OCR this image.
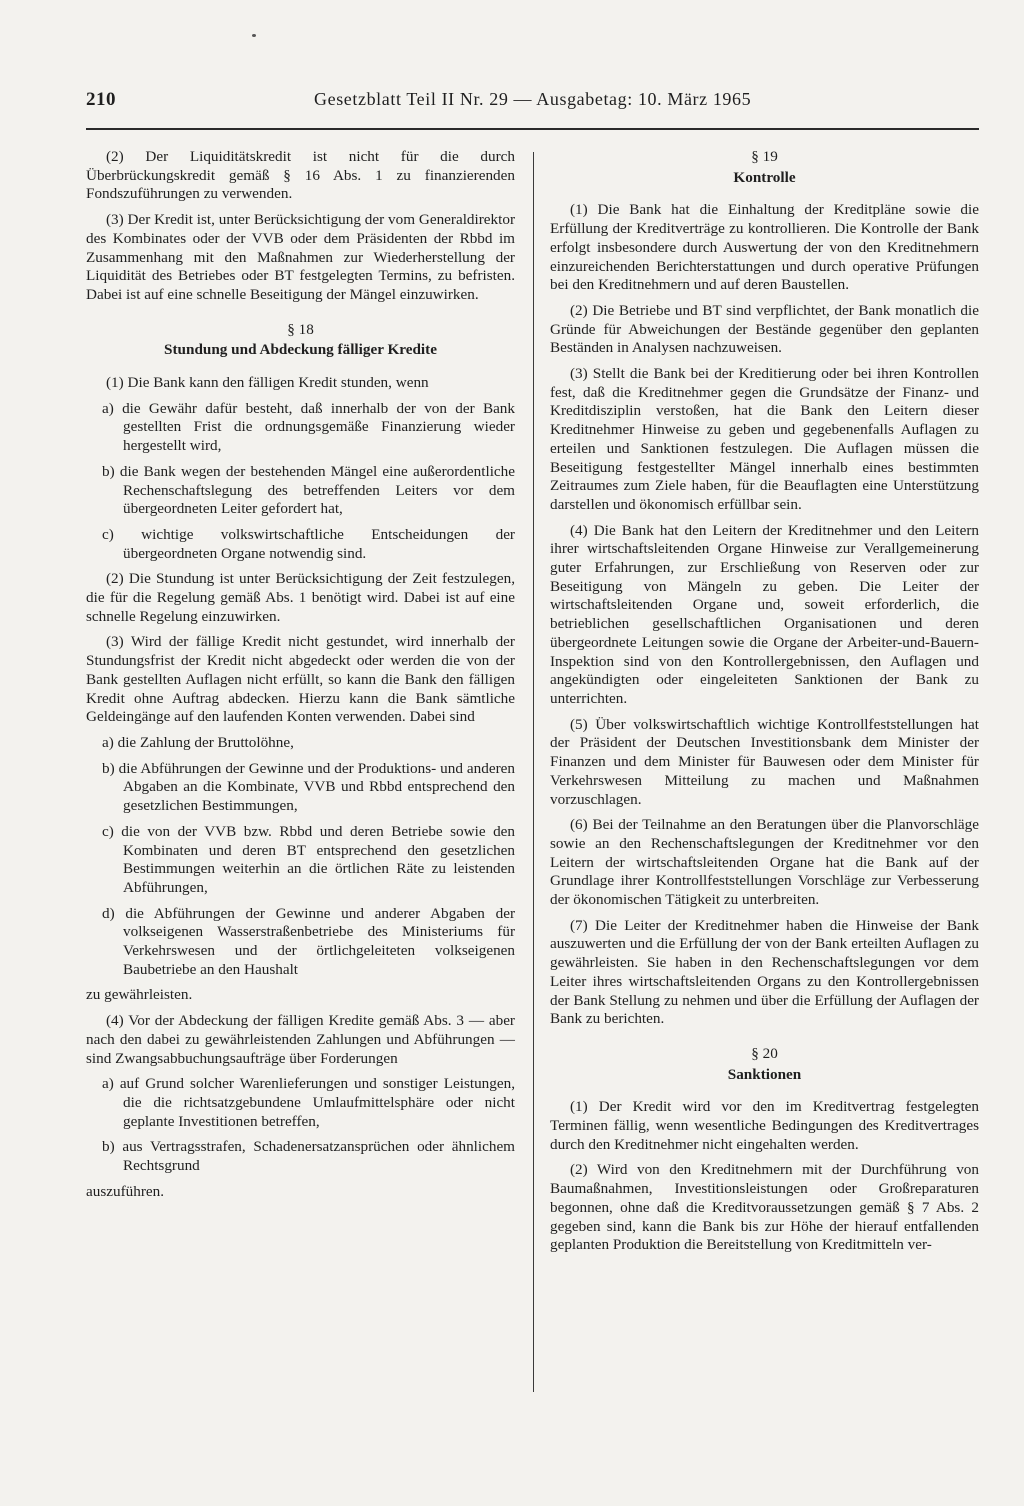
210	Gesetzblatt Teil II Nr. 29 — Ausgabetag: 10. März 1965

(2) Der Liquiditätskredit ist nicht für die durch Überbrückungskredit gemäß § 16 Abs. 1 zu finanzierenden Fondszuführungen zu verwenden.

(3) Der Kredit ist, unter Berücksichtigung der vom Generaldirektor des Kombinates oder der VVB oder dem Präsidenten der Rbbd im Zusammenhang mit den Maßnahmen zur Wiederherstellung der Liquidität des Betriebes oder BT festgelegten Termins, zu befristen. Dabei ist auf eine schnelle Beseitigung der Mängel einzuwirken.

§ 18

Stundung und Abdeckung fälliger Kredite

(1) Die Bank kann den fälligen Kredit stunden, wenn

a) die Gewähr dafür besteht, daß innerhalb der von der Bank gestellten Frist die ordnungsgemäße Finanzierung wieder hergestellt wird,

b) die Bank wegen der bestehenden Mängel eine außerordentliche Rechenschaftslegung des betreffenden Leiters vor dem übergeordneten Leiter gefordert hat,

c) wichtige volkswirtschaftliche Entscheidungen der übergeordneten Organe notwendig sind.

(2) Die Stundung ist unter Berücksichtigung der Zeit festzulegen, die für die Regelung gemäß Abs. 1 benötigt wird. Dabei ist auf eine schnelle Regelung einzuwirken.

(3) Wird der fällige Kredit nicht gestundet, wird innerhalb der Stundungsfrist der Kredit nicht abgedeckt oder werden die von der Bank gestellten Auflagen nicht erfüllt, so kann die Bank den fälligen Kredit ohne Auftrag abdecken. Hierzu kann die Bank sämtliche Geldeingänge auf den laufenden Konten verwenden. Dabei sind

a) die Zahlung der Bruttolöhne,

b) die Abführungen der Gewinne und der Produktions- und anderen Abgaben an die Kombinate, VVB und Rbbd entsprechend den gesetzlichen Bestimmungen,

c) die von der VVB bzw. Rbbd und deren Betriebe sowie den Kombinaten und deren BT entsprechend den gesetzlichen Bestimmungen weiterhin an die örtlichen Räte zu leistenden Abführungen,

d) die Abführungen der Gewinne und anderer Abgaben der volkseigenen Wasserstraßenbetriebe des Ministeriums für Verkehrswesen und der örtlichgeleiteten volkseigenen Baubetriebe an den Haushalt

zu gewährleisten.

(4) Vor der Abdeckung der fälligen Kredite gemäß Abs. 3 — aber nach den dabei zu gewährleistenden Zahlungen und Abführungen — sind Zwangsabbuchungsaufträge über Forderungen

a) auf Grund solcher Warenlieferungen und sonstiger Leistungen, die die richtsatzgebundene Umlaufmittelsphäre oder nicht geplante Investitionen betreffen,

b) aus Vertragsstrafen, Schadenersatzansprüchen oder ähnlichem Rechtsgrund

auszuführen.

§ 19

Kontrolle

(1) Die Bank hat die Einhaltung der Kreditpläne sowie die Erfüllung der Kreditverträge zu kontrollieren. Die Kontrolle der Bank erfolgt insbesondere durch Auswertung der von den Kreditnehmern einzureichenden Berichterstattungen und durch operative Prüfungen bei den Kreditnehmern und auf deren Baustellen.

(2) Die Betriebe und BT sind verpflichtet, der Bank monatlich die Gründe für Abweichungen der Bestände gegenüber den geplanten Beständen in Analysen nachzuweisen.

(3) Stellt die Bank bei der Kreditierung oder bei ihren Kontrollen fest, daß die Kreditnehmer gegen die Grundsätze der Finanz- und Kreditdisziplin verstoßen, hat die Bank den Leitern dieser Kreditnehmer Hinweise zu geben und gegebenenfalls Auflagen zu erteilen und Sanktionen festzulegen. Die Auflagen müssen die Beseitigung festgestellter Mängel innerhalb eines bestimmten Zeitraumes zum Ziele haben, für die Beauflagten eine Unterstützung darstellen und ökonomisch erfüllbar sein.

(4) Die Bank hat den Leitern der Kreditnehmer und den Leitern ihrer wirtschaftsleitenden Organe Hinweise zur Verallgemeinerung guter Erfahrungen, zur Erschließung von Reserven oder zur Beseitigung von Mängeln zu geben. Die Leiter der wirtschaftsleitenden Organe und, soweit erforderlich, die betrieblichen gesellschaftlichen Organisationen und deren übergeordnete Leitungen sowie die Organe der Arbeiter-und-Bauern-Inspektion sind von den Kontrollergebnissen, den Auflagen und angekündigten oder eingeleiteten Sanktionen der Bank zu unterrichten.

(5) Über volkswirtschaftlich wichtige Kontrollfeststellungen hat der Präsident der Deutschen Investitionsbank dem Minister der Finanzen und dem Minister für Bauwesen oder dem Minister für Verkehrswesen Mitteilung zu machen und Maßnahmen vorzuschlagen.

(6) Bei der Teilnahme an den Beratungen über die Planvorschläge sowie an den Rechenschaftslegungen der Kreditnehmer vor den Leitern der wirtschaftsleitenden Organe hat die Bank auf der Grundlage ihrer Kontrollfeststellungen Vorschläge zur Verbesserung der ökonomischen Tätigkeit zu unterbreiten.

(7) Die Leiter der Kreditnehmer haben die Hinweise der Bank auszuwerten und die Erfüllung der von der Bank erteilten Auflagen zu gewährleisten. Sie haben in den Rechenschaftslegungen vor dem Leiter ihres wirtschaftsleitenden Organs zu den Kontrollergebnissen der Bank Stellung zu nehmen und über die Erfüllung der Auflagen der Bank zu berichten.

§ 20

Sanktionen

(1) Der Kredit wird vor den im Kreditvertrag festgelegten Terminen fällig, wenn wesentliche Bedingungen des Kreditvertrages durch den Kreditnehmer nicht eingehalten werden.

(2) Wird von den Kreditnehmern mit der Durchführung von Baumaßnahmen, Investitionsleistungen oder Großreparaturen begonnen, ohne daß die Kreditvoraussetzungen gemäß § 7 Abs. 2 gegeben sind, kann die Bank bis zur Höhe der hierauf entfallenden geplanten Produktion die Bereitstellung von Kreditmitteln ver-
